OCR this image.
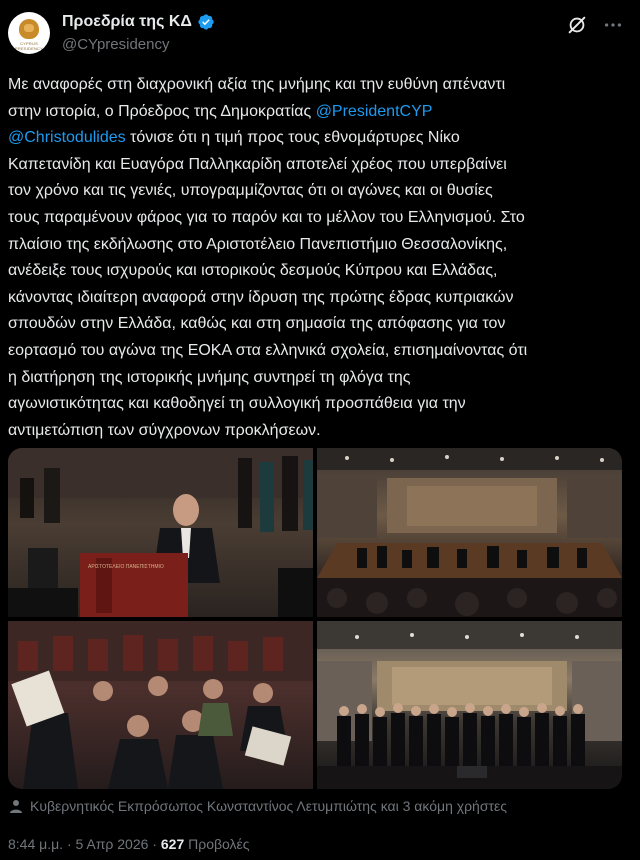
CYPRUS PRESIDENCY
Προεδρία της ΚΔ
@CYpresidency
Με αναφορές στη διαχρονική αξία της μνήμης και την ευθύνη απέναντι
στην ιστορία, ο Πρόεδρος της Δημοκρατίας @PresidentCYP
@Christodulides τόνισε ότι η τιμή προς τους εθνομάρτυρες Νίκο
Καπετανίδη και Ευαγόρα Παλληκαρίδη αποτελεί χρέος που υπερβαίνει
τον χρόνο και τις γενιές, υπογραμμίζοντας ότι οι αγώνες και οι θυσίες
τους παραμένουν φάρος για το παρόν και το μέλλον του Ελληνισμού. Στο
πλαίσιο της εκδήλωσης στο Αριστοτέλειο Πανεπιστήμιο Θεσσαλονίκης,
ανέδειξε τους ισχυρούς και ιστορικούς δεσμούς Κύπρου και Ελλάδας,
κάνοντας ιδιαίτερη αναφορά στην ίδρυση της πρώτης έδρας κυπριακών
σπουδών στην Ελλάδα, καθώς και στη σημασία της απόφασης για τον
εορτασμό του αγώνα της ΕΟΚΑ στα ελληνικά σχολεία, επισημαίνοντας ότι
η διατήρηση της ιστορικής μνήμης συντηρεί τη φλόγα της
αγωνιστικότητας και καθοδηγεί τη συλλογική προσπάθεια για την
αντιμετώπιση των σύγχρονων προκλήσεων.
ΑΡΙΣΤΟΤΕΛΕΙΟ ΠΑΝΕΠΙΣΤΗΜΙΟ
Κυβερνητικός Εκπρόσωπος Κωνσταντίνος Λετυμπιώτης και 3 ακόμη χρήστες
8:44 μ.μ. · 5 Απρ 2026 · 627 Προβολές
